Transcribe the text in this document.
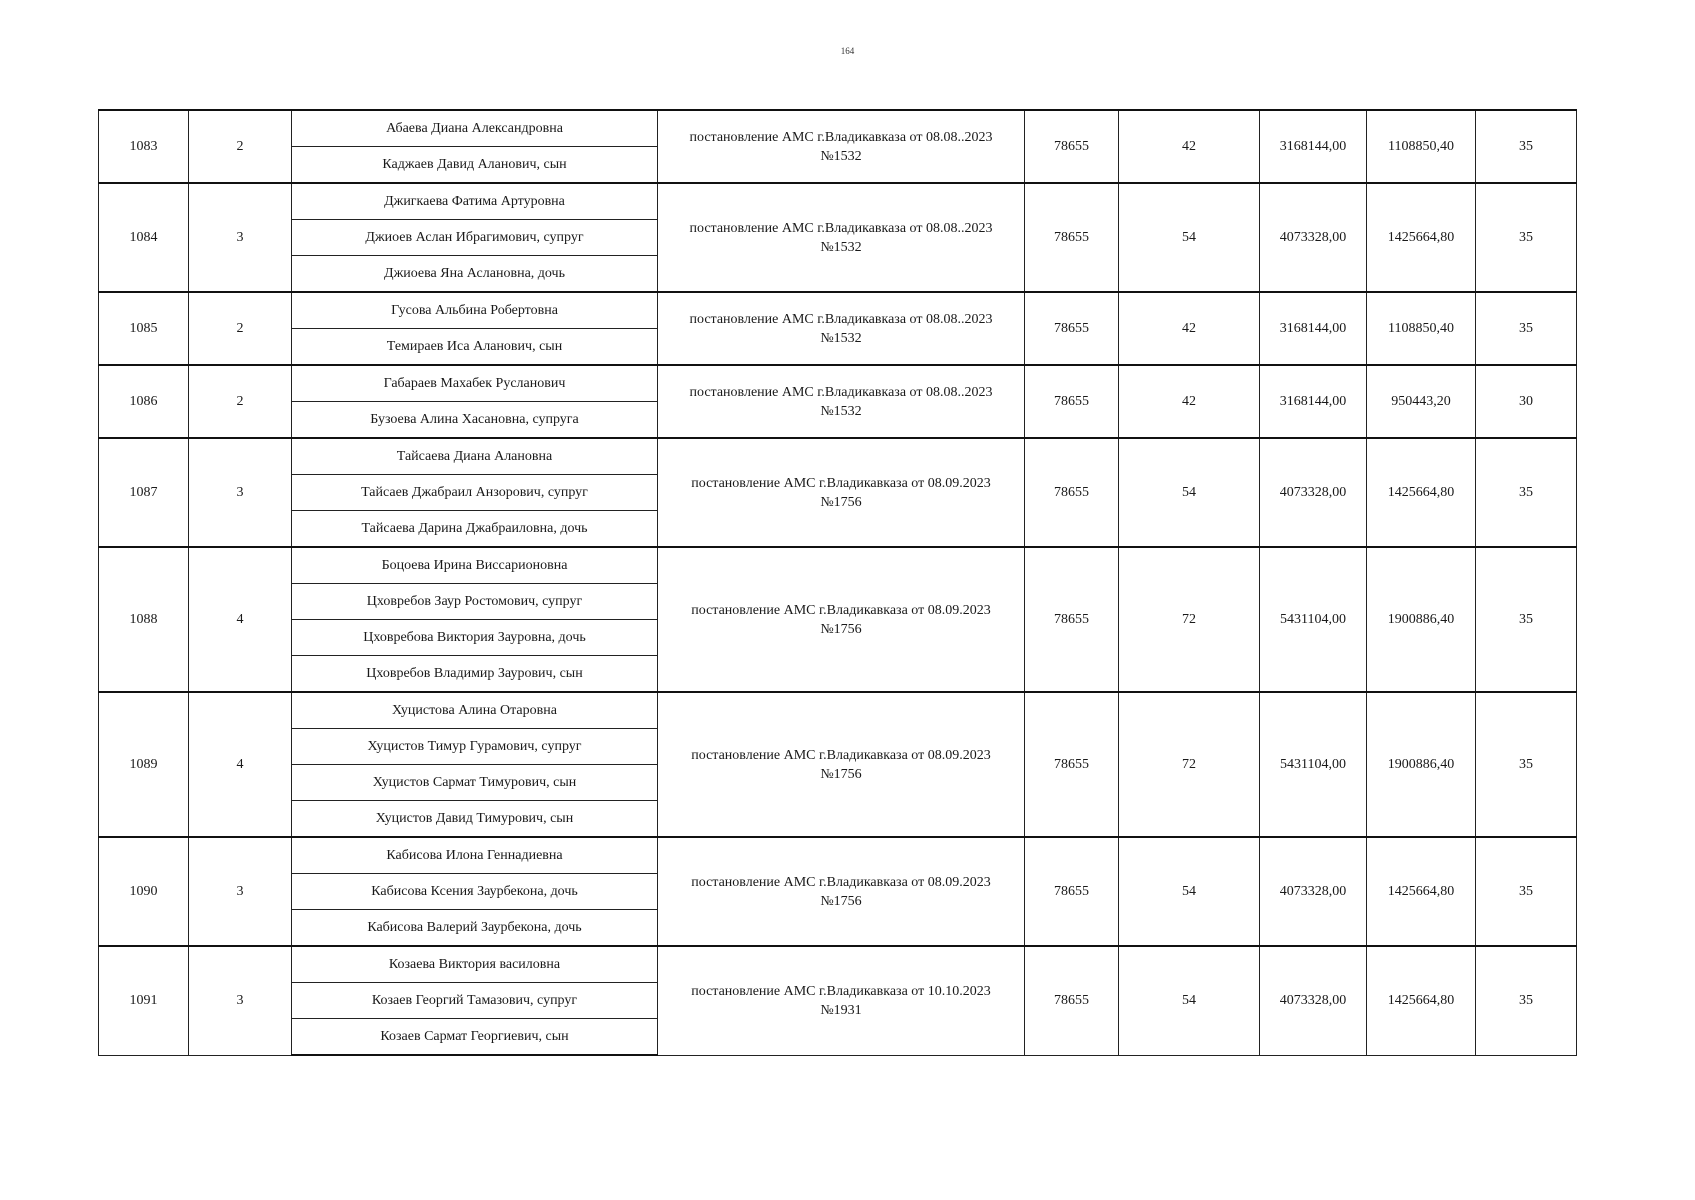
164
1083	2	Абаева Диана Александровна	постановление АМС г.Владикавказа от 08.08..2023
№1532	78655	42	3168144,00	1108850,40	35
		Каджаев Давид Аланович, сын						
1084	3	Джигкаева Фатима Артуровна	постановление АМС г.Владикавказа от 08.08..2023
№1532	78655	54	4073328,00	1425664,80	35
		Джиоев Аслан Ибрагимович, супруг						
		Джиоева Яна Аслановна, дочь						
1085	2	Гусова Альбина Робертовна	постановление АМС г.Владикавказа от 08.08..2023
№1532	78655	42	3168144,00	1108850,40	35
		Темираев Иса Аланович, сын						
1086	2	Габараев Махабек Русланович	постановление АМС г.Владикавказа от 08.08..2023
№1532	78655	42	3168144,00	950443,20	30
		Бузоева Алина Хасановна, супруга						
1087	3	Тайсаева Диана Алановна	постановление АМС г.Владикавказа от 08.09.2023
№1756	78655	54	4073328,00	1425664,80	35
		Тайсаев Джабраил Анзорович, супруг						
		Тайсаева Дарина Джабраиловна, дочь						
1088	4	Боцоева Ирина Виссарионовна	постановление АМС г.Владикавказа от 08.09.2023
№1756	78655	72	5431104,00	1900886,40	35
		Цховребов Заур Ростомович, супруг						
		Цховребова Виктория Зауровна, дочь						
		Цховребов Владимир Заурович, сын						
1089	4	Хуцистова Алина Отаровна	постановление АМС г.Владикавказа от 08.09.2023
№1756	78655	72	5431104,00	1900886,40	35
		Хуцистов Тимур Гурамович, супруг						
		Хуцистов Сармат Тимурович, сын						
		Хуцистов Давид Тимурович, сын						
1090	3	Кабисова Илона Геннадиевна	постановление АМС г.Владикавказа от 08.09.2023
№1756	78655	54	4073328,00	1425664,80	35
		Кабисова Ксения Заурбекона, дочь						
		Кабисова Валерий Заурбекона, дочь						
1091	3	Козаева Виктория василовна	постановление АМС г.Владикавказа от 10.10.2023
№1931	78655	54	4073328,00	1425664,80	35
		Козаев Георгий Тамазович, супруг						
		Козаев Сармат Георгиевич, сын						
